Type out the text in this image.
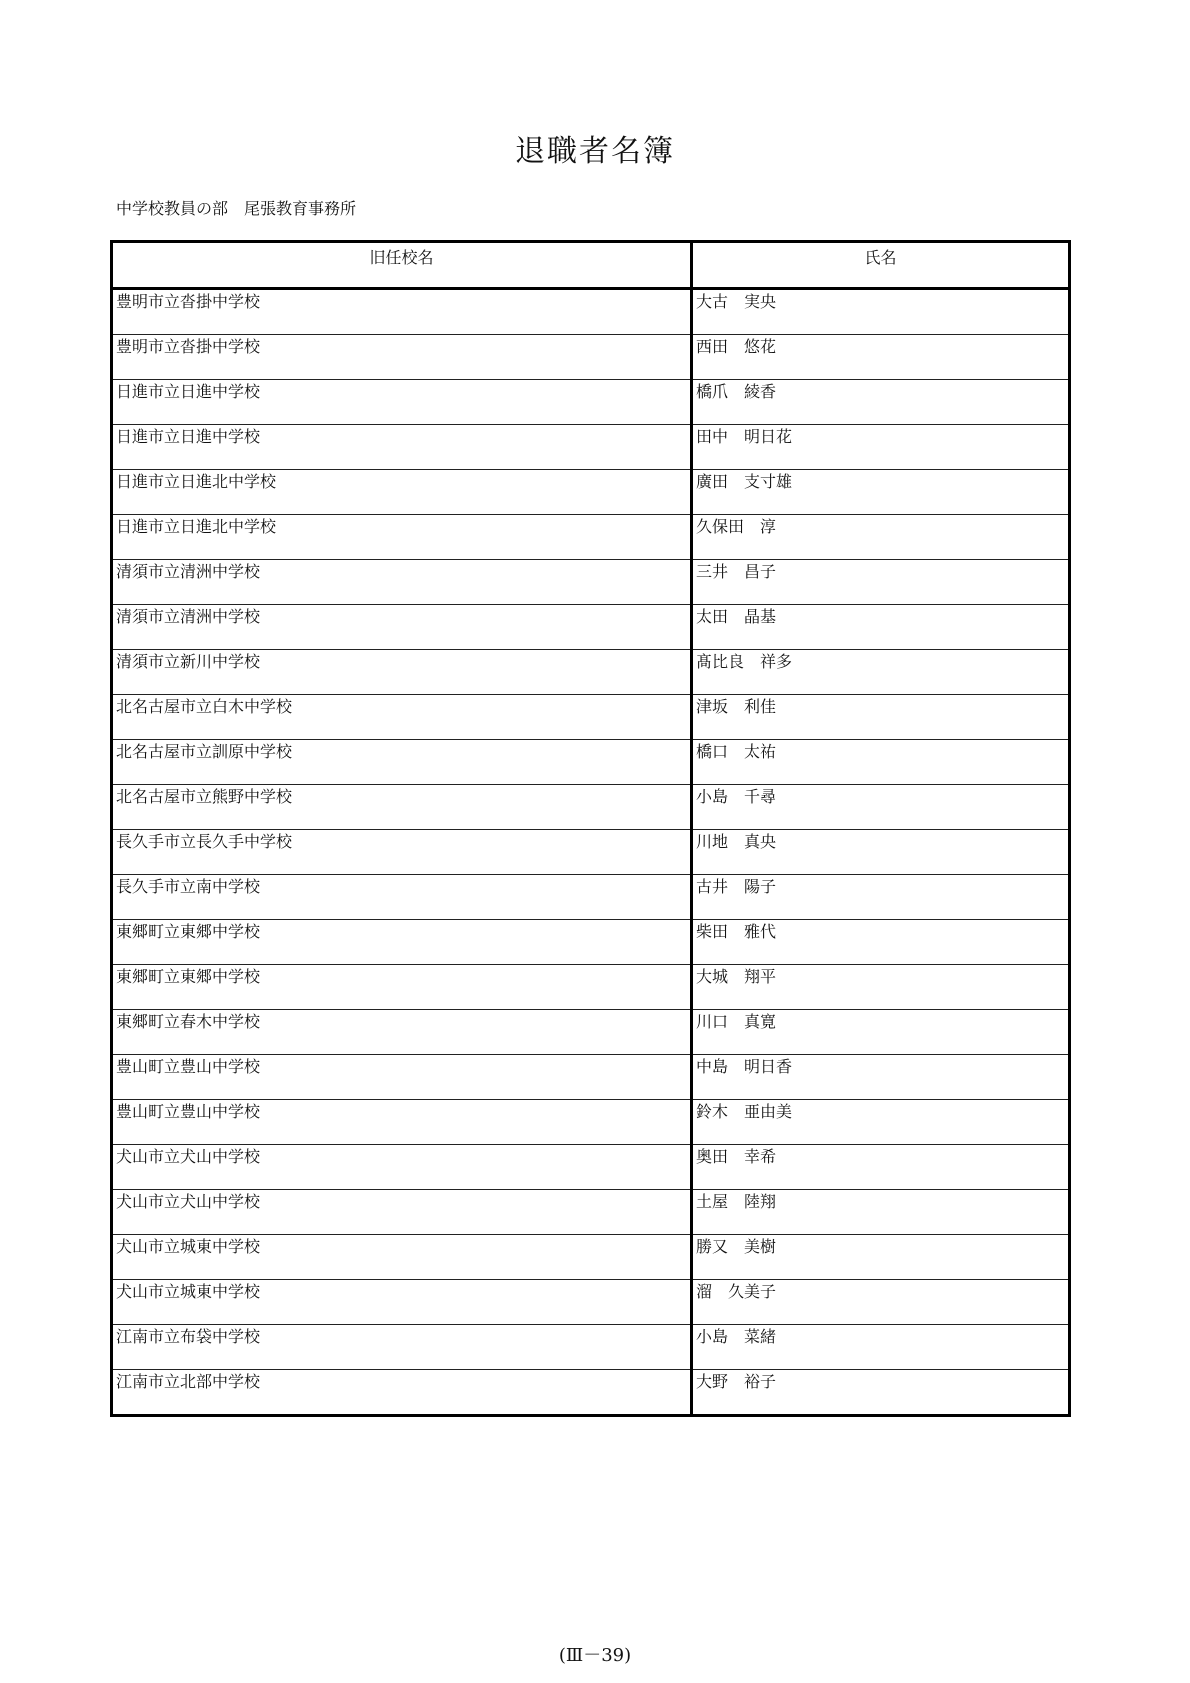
退職者名簿
中学校教員の部　尾張教育事務所
旧任校名	氏名
豊明市立沓掛中学校	大古　実央
豊明市立沓掛中学校	西田　悠花
日進市立日進中学校	橋爪　綾香
日進市立日進中学校	田中　明日花
日進市立日進北中学校	廣田　支寸雄
日進市立日進北中学校	久保田　淳
清須市立清洲中学校	三井　昌子
清須市立清洲中学校	太田　晶基
清須市立新川中学校	髙比良　祥多
北名古屋市立白木中学校	津坂　利佳
北名古屋市立訓原中学校	橋口　太祐
北名古屋市立熊野中学校	小島　千尋
長久手市立長久手中学校	川地　真央
長久手市立南中学校	古井　陽子
東郷町立東郷中学校	柴田　雅代
東郷町立東郷中学校	大城　翔平
東郷町立春木中学校	川口　真寛
豊山町立豊山中学校	中島　明日香
豊山町立豊山中学校	鈴木　亜由美
犬山市立犬山中学校	奥田　幸希
犬山市立犬山中学校	土屋　陸翔
犬山市立城東中学校	勝又　美樹
犬山市立城東中学校	溜　久美子
江南市立布袋中学校	小島　菜緒
江南市立北部中学校	大野　裕子
(Ⅲ－39)
